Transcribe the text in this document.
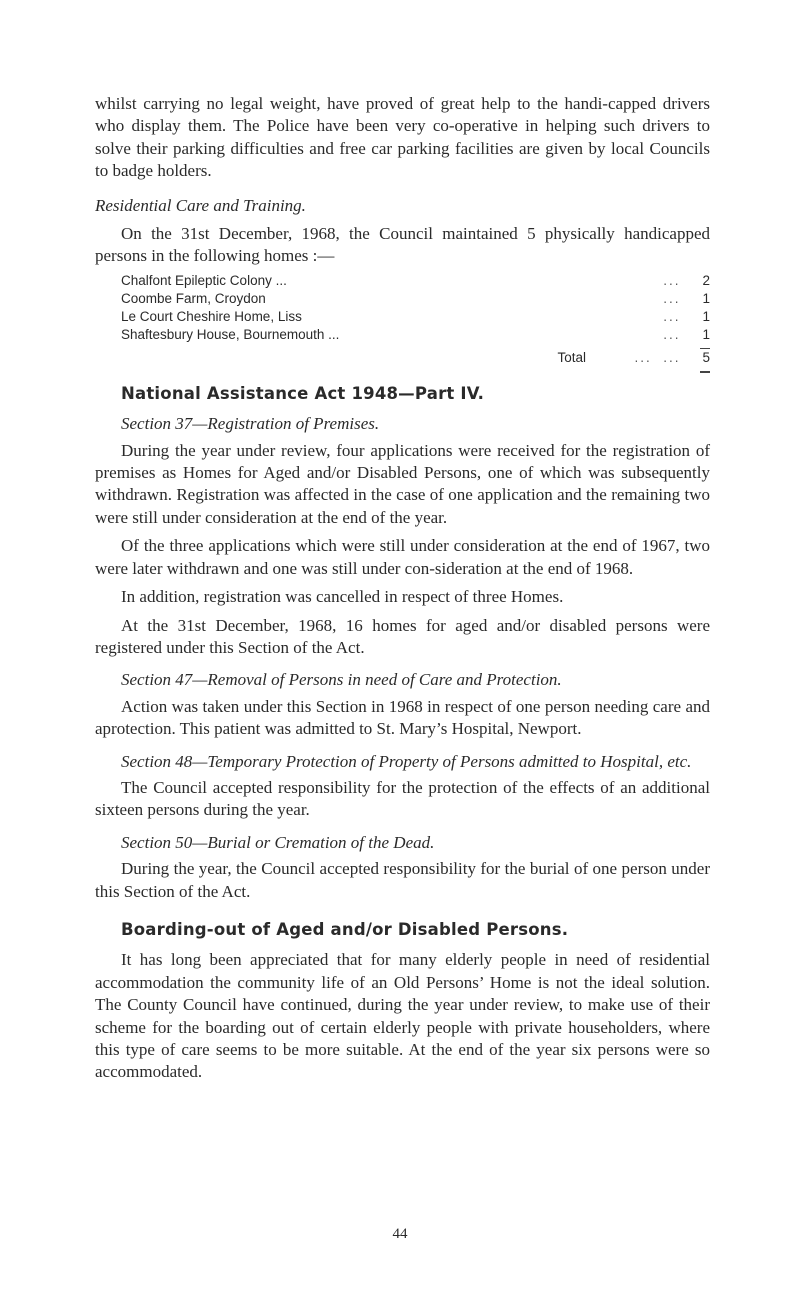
whilst carrying no legal weight, have proved of great help to the handi-capped drivers who display them. The Police have been very co-operative in helping such drivers to solve their parking difficulties and free car parking facilities are given by local Councils to badge holders.

Residential Care and Training.

On the 31st December, 1968, the Council maintained 5 physically handicapped persons in the following homes :—

Chalfont Epileptic Colony ...	...	2
Coombe Farm, Croydon	...	1
Le Court Cheshire Home, Liss	...	1
Shaftesbury House, Bournemouth ...	...	1

Total	...  ...	5

National Assistance Act 1948—Part IV.

Section 37—Registration of Premises.

During the year under review, four applications were received for the registration of premises as Homes for Aged and/or Disabled Persons, one of which was subsequently withdrawn. Registration was affected in the case of one application and the remaining two were still under consideration at the end of the year.

Of the three applications which were still under consideration at the end of 1967, two were later withdrawn and one was still under con-sideration at the end of 1968.

In addition, registration was cancelled in respect of three Homes.

At the 31st December, 1968, 16 homes for aged and/or disabled persons were registered under this Section of the Act.

Section 47—Removal of Persons in need of Care and Protection.

Action was taken under this Section in 1968 in respect of one person needing care and aprotection. This patient was admitted to St. Mary’s Hospital, Newport.

Section 48—Temporary Protection of Property of Persons admitted to Hospital, etc.

The Council accepted responsibility for the protection of the effects of an additional sixteen persons during the year.

Section 50—Burial or Cremation of the Dead.

During the year, the Council accepted responsibility for the burial of one person under this Section of the Act.

Boarding-out of Aged and/or Disabled Persons.

It has long been appreciated that for many elderly people in need of residential accommodation the community life of an Old Persons’ Home is not the ideal solution. The County Council have continued, during the year under review, to make use of their scheme for the boarding out of certain elderly people with private householders, where this type of care seems to be more suitable. At the end of the year six persons were so accommodated.

44
